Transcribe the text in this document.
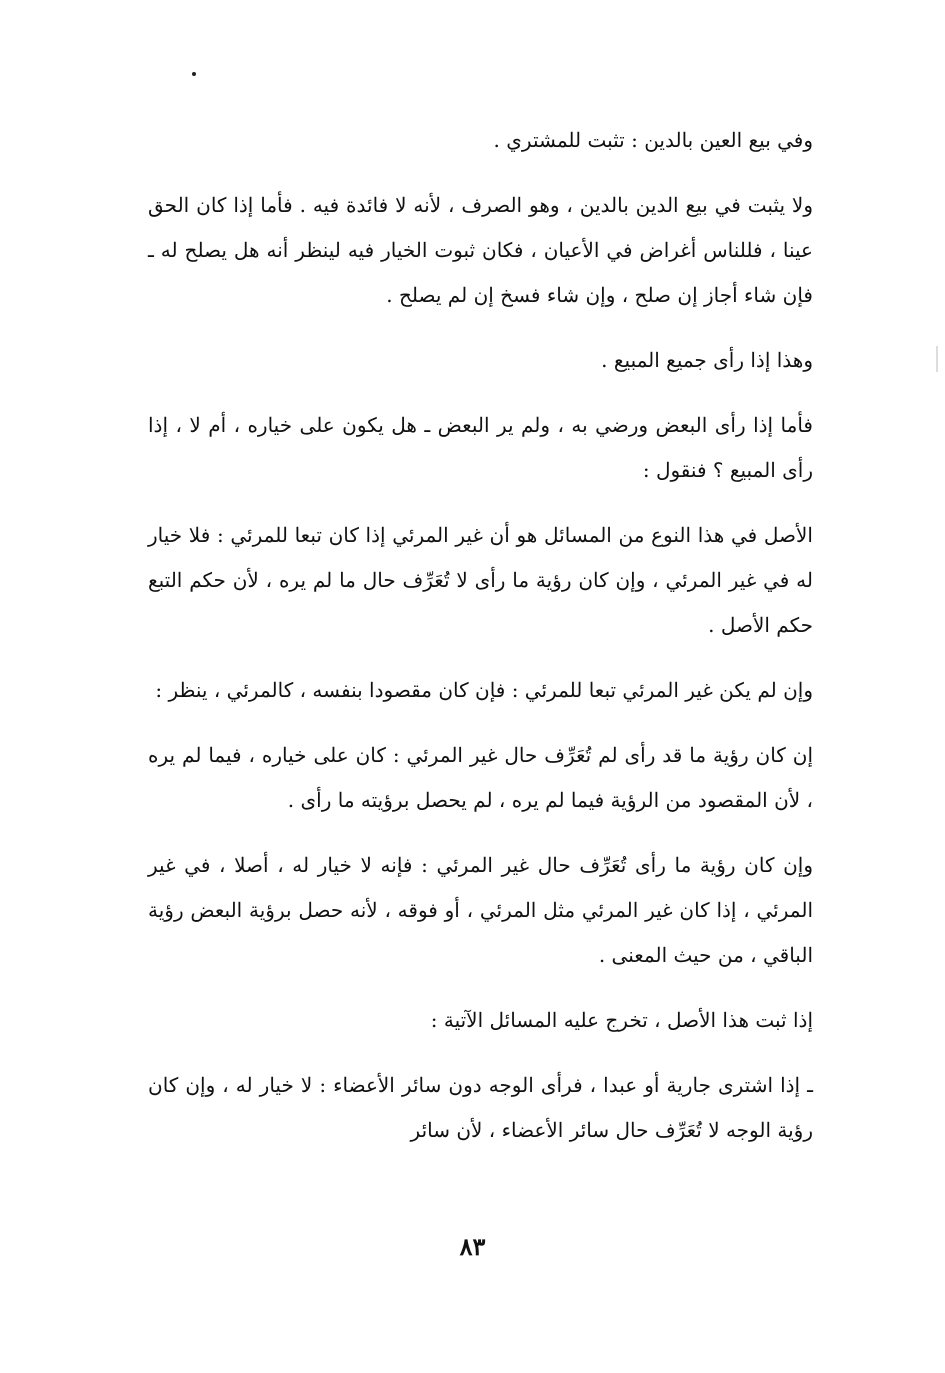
وفي بيع العين بالدين : تثبت للمشتري .

ولا يثبت في بيع الدين بالدين ، وهو الصرف ، لأنه لا فائدة فيه . فأما إذا كان الحق عينا ، فللناس أغراض في الأعيان ، فكان ثبوت الخيار فيه لينظر أنه هل يصلح له ـ فإن شاء أجاز إن صلح ، وإن شاء فسخ إن لم يصلح .

وهذا إذا رأى جميع المبيع .

فأما إذا رأى البعض ورضي به ، ولم ير البعض ـ هل يكون على خياره ، أم لا ، إذا رأى المبيع ؟ فنقول :

الأصل في هذا النوع من المسائل هو أن غير المرئي إذا كان تبعا للمرئي : فلا خيار له في غير المرئي ، وإن كان رؤية ما رأى لا تُعَرِّف حال ما لم يره ، لأن حكم التبع حكم الأصل .

وإن لم يكن غير المرئي تبعا للمرئي : فإن كان مقصودا بنفسه ، كالمرئي ، ينظر :

إن كان رؤية ما قد رأى لم تُعَرِّف حال غير المرئي : كان على خياره ، فيما لم يره ، لأن المقصود من الرؤية فيما لم يره ، لم يحصل برؤيته ما رأى .

وإن كان رؤية ما رأى تُعَرِّف حال غير المرئي : فإنه لا خيار له ، أصلا ، في غير المرئي ، إذا كان غير المرئي مثل المرئي ، أو فوقه ، لأنه حصل برؤية البعض رؤية الباقي ، من حيث المعنى .

إذا ثبت هذا الأصل ، تخرج عليه المسائل الآتية :

ـ إذا اشترى جارية أو عبدا ، فرأى الوجه دون سائر الأعضاء : لا خيار له ، وإن كان رؤية الوجه لا تُعَرِّف حال سائر الأعضاء ، لأن سائر

٨٣
